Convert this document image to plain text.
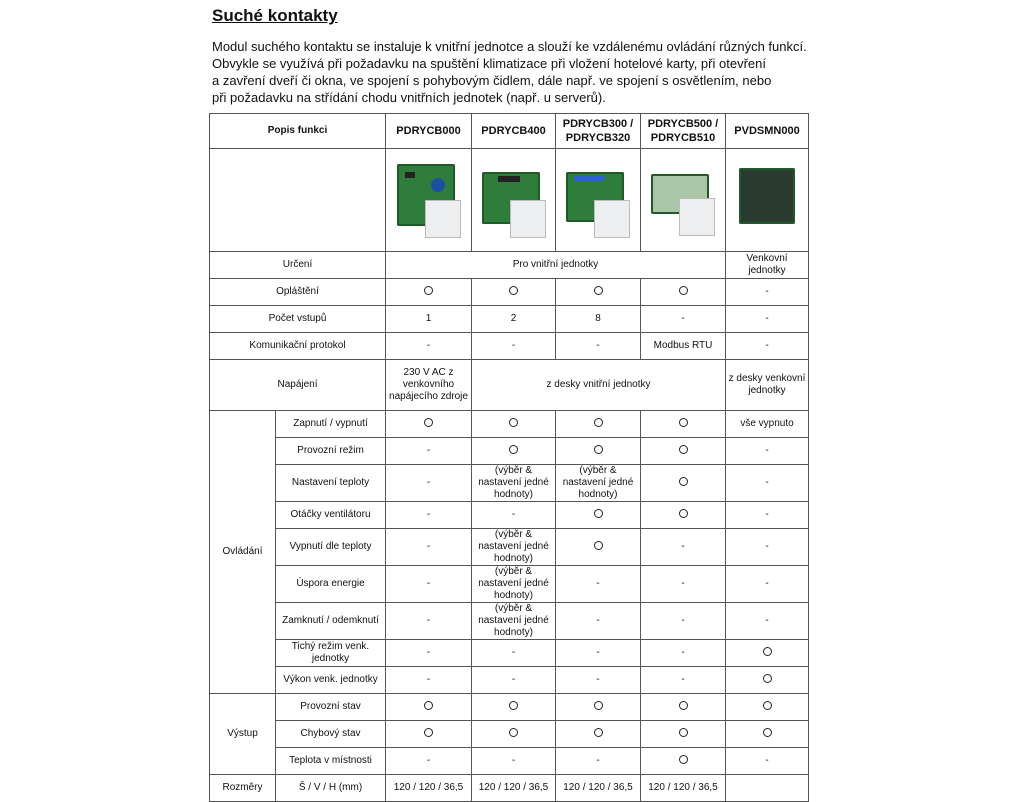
Suché kontakty
Modul suchého kontaktu se instaluje k vnitřní jednotce a slouží ke vzdálenému ovládání různých funkcí.
Obvykle se využívá při požadavku na spuštění klimatizace při vložení hotelové karty, při otevření
a zavření dveří či okna, ve spojení s pohybovým čidlem, dále např. ve spojení s osvětlením, nebo
při požadavku na střídání chodu vnitřních jednotek (např. u serverů).
Popis funkci		PDRYCB000	PDRYCB400	PDRYCB300 / PDRYCB320	PDRYCB500 / PDRYCB510	PVDSMN000

Určení		Pro vnitřní jednotky				Venkovní jednotky
Opláštění						-
Počet vstupů		1	2	8	-	-
Komunikační protokol		-	-	-	Modbus RTU	-
Napájení		230 V AC z venkovního napájecího zdroje	z desky vnitřní jednotky			z desky venkovní jednotky
Ovládání	Zapnutí / vypnutí					vše vypnuto
	Provozní režim	-				-
	Nastavení teploty	-	(výběr & nastavení jedné hodnoty)	(výběr & nastavení jedné hodnoty)		-
	Otáčky ventilátoru	-	-			-
	Vypnutí dle teploty	-	(výběr & nastavení jedné hodnoty)		-	-
	Úspora energie	-	(výběr & nastavení jedné hodnoty)	-	-	-
	Zamknutí / odemknutí	-	(výběr & nastavení jedné hodnoty)	-	-	-
	Tichý režim venk. jednotky	-	-	-	-	
	Výkon venk. jednotky	-	-	-	-	
Výstup	Provozní stav					
	Chybový stav					
	Teplota v místnosti	-	-	-		-
Rozměry	Š / V / H (mm)	120 / 120 / 36,5	120 / 120 / 36,5	120 / 120 / 36,5	120 / 120 / 36,5	
